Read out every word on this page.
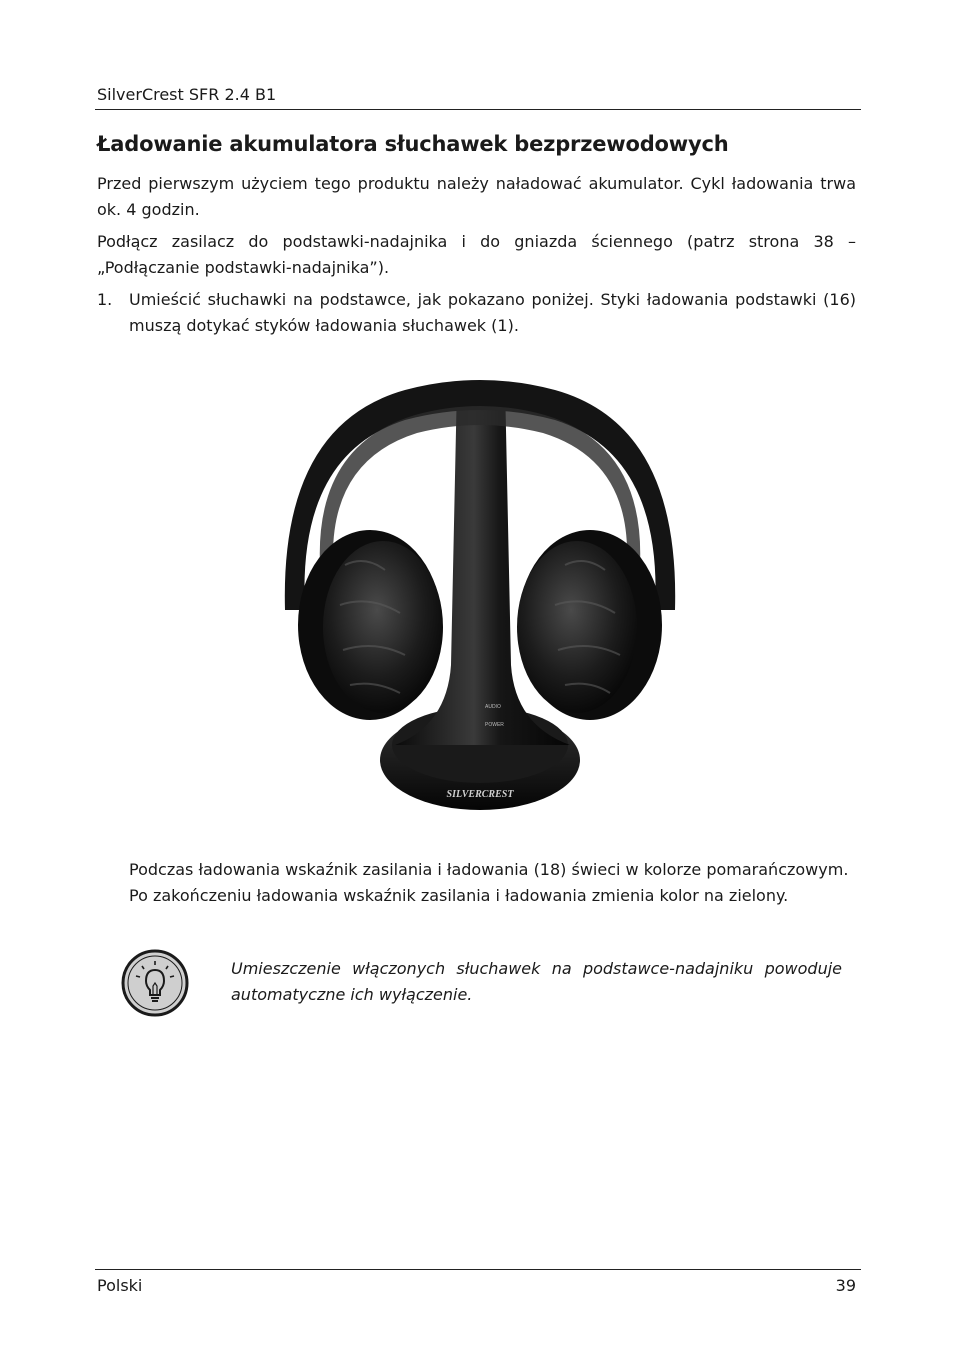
SilverCrest SFR 2.4 B1
Ładowanie akumulatora słuchawek bezprzewodowych

Przed pierwszym użyciem tego produktu należy naładować akumulator. Cykl ładowania trwa ok. 4 godzin.

Podłącz zasilacz do podstawki-nadajnika i do gniazda ściennego (patrz strona 38 – „Podłączanie podstawki-nadajnika”).

1. Umieścić słuchawki na podstawce, jak pokazano poniżej. Styki ładowania podstawki (16) muszą dotykać styków ładowania słuchawek (1).

AUDIO
POWER
SILVERCREST

Podczas ładowania wskaźnik zasilania i ładowania (18) świeci w kolorze pomarańczowym. Po zakończeniu ładowania wskaźnik zasilania i ładowania zmienia kolor na zielony.

Umieszczenie włączonych słuchawek na podstawce-nadajniku powoduje automatyczne ich wyłączenie.

Polski	39
